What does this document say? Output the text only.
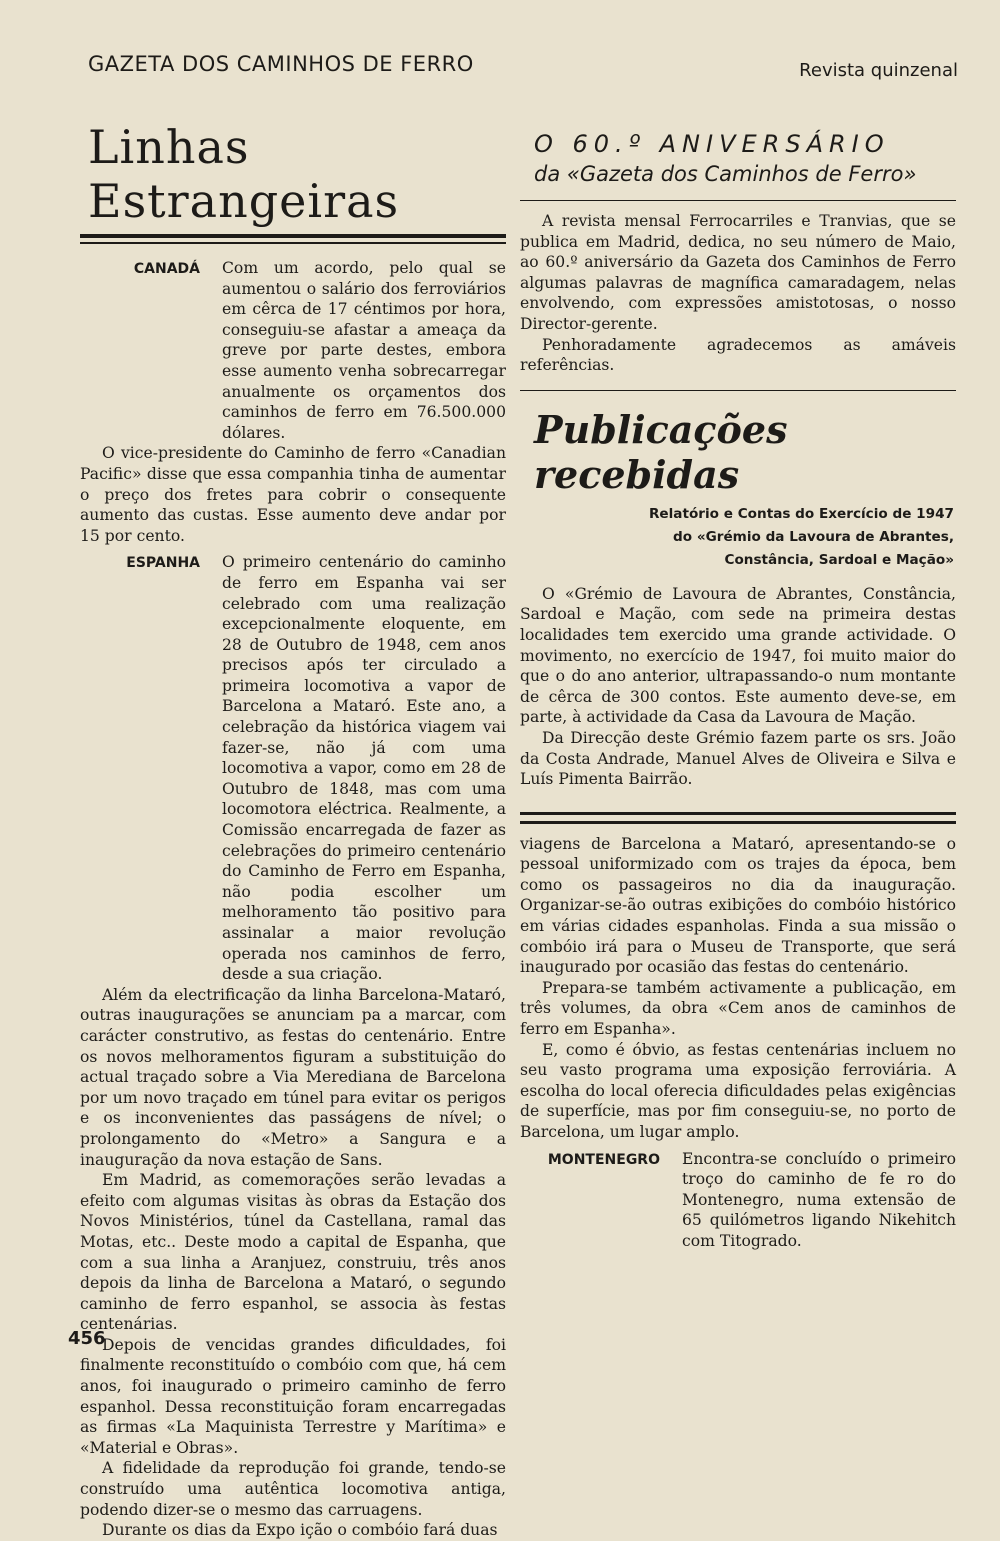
GAZETA DOS CAMINHOS DE FERRO	Revista quinzenal
Linhas Estrangeiras
CANADÁ Com um acordo, pelo qual se aumentou o salário dos ferroviários em cêrca de 17 céntimos por hora, conseguiu-se afastar a ameaça da greve por parte destes, embora esse aumento venha sobrecarregar anualmente os orçamentos dos caminhos de ferro em 76.500.000 dólares.

O vice-presidente do Caminho de ferro «Canadian Pacific» disse que essa companhia tinha de aumentar o preço dos fretes para cobrir o consequente aumento das custas. Esse aumento deve andar por 15 por cento.

ESPANHA O primeiro centenário do caminho de ferro em Espanha vai ser celebrado com uma realização excepcionalmente eloquente, em 28 de Outubro de 1948, cem anos precisos após ter circulado a primeira locomotiva a vapor de Barcelona a Mataró. Este ano, a celebração da histórica viagem vai fazer-se, não já com uma locomotiva a vapor, como em 28 de Outubro de 1848, mas com uma locomotora eléctrica. Realmente, a Comissão encarregada de fazer as celebrações do primeiro centenário do Caminho de Ferro em Espanha, não podia escolher um melhoramento tão positivo para assinalar a maior revolução operada nos caminhos de ferro, desde a sua criação.

Além da electrificação da linha Barcelona-Mataró, outras inaugurações se anunciam pa a marcar, com carácter construtivo, as festas do centenário. Entre os novos melhoramentos figuram a substituição do actual traçado sobre a Via Merediana de Barcelona por um novo traçado em túnel para evitar os perigos e os inconvenientes das passágens de nível; o prolongamento do «Metro» a Sangura e a inauguração da nova estação de Sans.

Em Madrid, as comemorações serão levadas a efeito com algumas visitas às obras da Estação dos Novos Ministérios, túnel da Castellana, ramal das Motas, etc.. Deste modo a capital de Espanha, que com a sua linha a Aranjuez, construiu, três anos depois da linha de Barcelona a Mataró, o segundo caminho de ferro espanhol, se associa às festas centenárias.

Depois de vencidas grandes dificuldades, foi finalmente reconstituído o combóio com que, há cem anos, foi inaugurado o primeiro caminho de ferro espanhol. Dessa reconstituição foram encarregadas as firmas «La Maquinista Terrestre y Marítima» e «Material e Obras».

A fidelidade da reprodução foi grande, tendo-se construído uma autêntica locomotiva antiga, podendo dizer-se o mesmo das carruagens.

Durante os dias da Expo ição o combóio fará duas

O 60.º ANIVERSÁRIO
da «Gazeta dos Caminhos de Ferro»

A revista mensal Ferrocarriles e Tranvias, que se publica em Madrid, dedica, no seu número de Maio, ao 60.º aniversário da Gazeta dos Caminhos de Ferro algumas palavras de magnífica camaradagem, nelas envolvendo, com expressões amistotosas, o nosso Director-gerente.

Penhoradamente agradecemos as amáveis referências.

Publicações recebidas
Relatório e Contas do Exercício de 1947
do «Grémio da Lavoura de Abrantes,
Constância, Sardoal e Mação»

O «Grémio de Lavoura de Abrantes, Constância, Sardoal e Mação, com sede na primeira destas localidades tem exercido uma grande actividade. O movimento, no exercício de 1947, foi muito maior do que o do ano anterior, ultrapassando-o num montante de cêrca de 300 contos. Este aumento deve-se, em parte, à actividade da Casa da Lavoura de Mação.

Da Direcção deste Grémio fazem parte os srs. João da Costa Andrade, Manuel Alves de Oliveira e Silva e Luís Pimenta Bairrão.

viagens de Barcelona a Mataró, apresentando-se o pessoal uniformizado com os trajes da época, bem como os passageiros no dia da inauguração. Organizar-se-ão outras exibições do combóio histórico em várias cidades espanholas. Finda a sua missão o combóio irá para o Museu de Transporte, que será inaugurado por ocasião das festas do centenário.

Prepara-se também activamente a publicação, em três volumes, da obra «Cem anos de caminhos de ferro em Espanha».

E, como é óbvio, as festas centenárias incluem no seu vasto programa uma exposição ferroviária. A escolha do local oferecia dificuldades pelas exigências de superfície, mas por fim conseguiu-se, no porto de Barcelona, um lugar amplo.

MONTENEGRO Encontra-se concluído o primeiro troço do caminho de fe ro do Montenegro, numa extensão de 65 quilómetros ligando Nikehitch com Titogrado.

456
